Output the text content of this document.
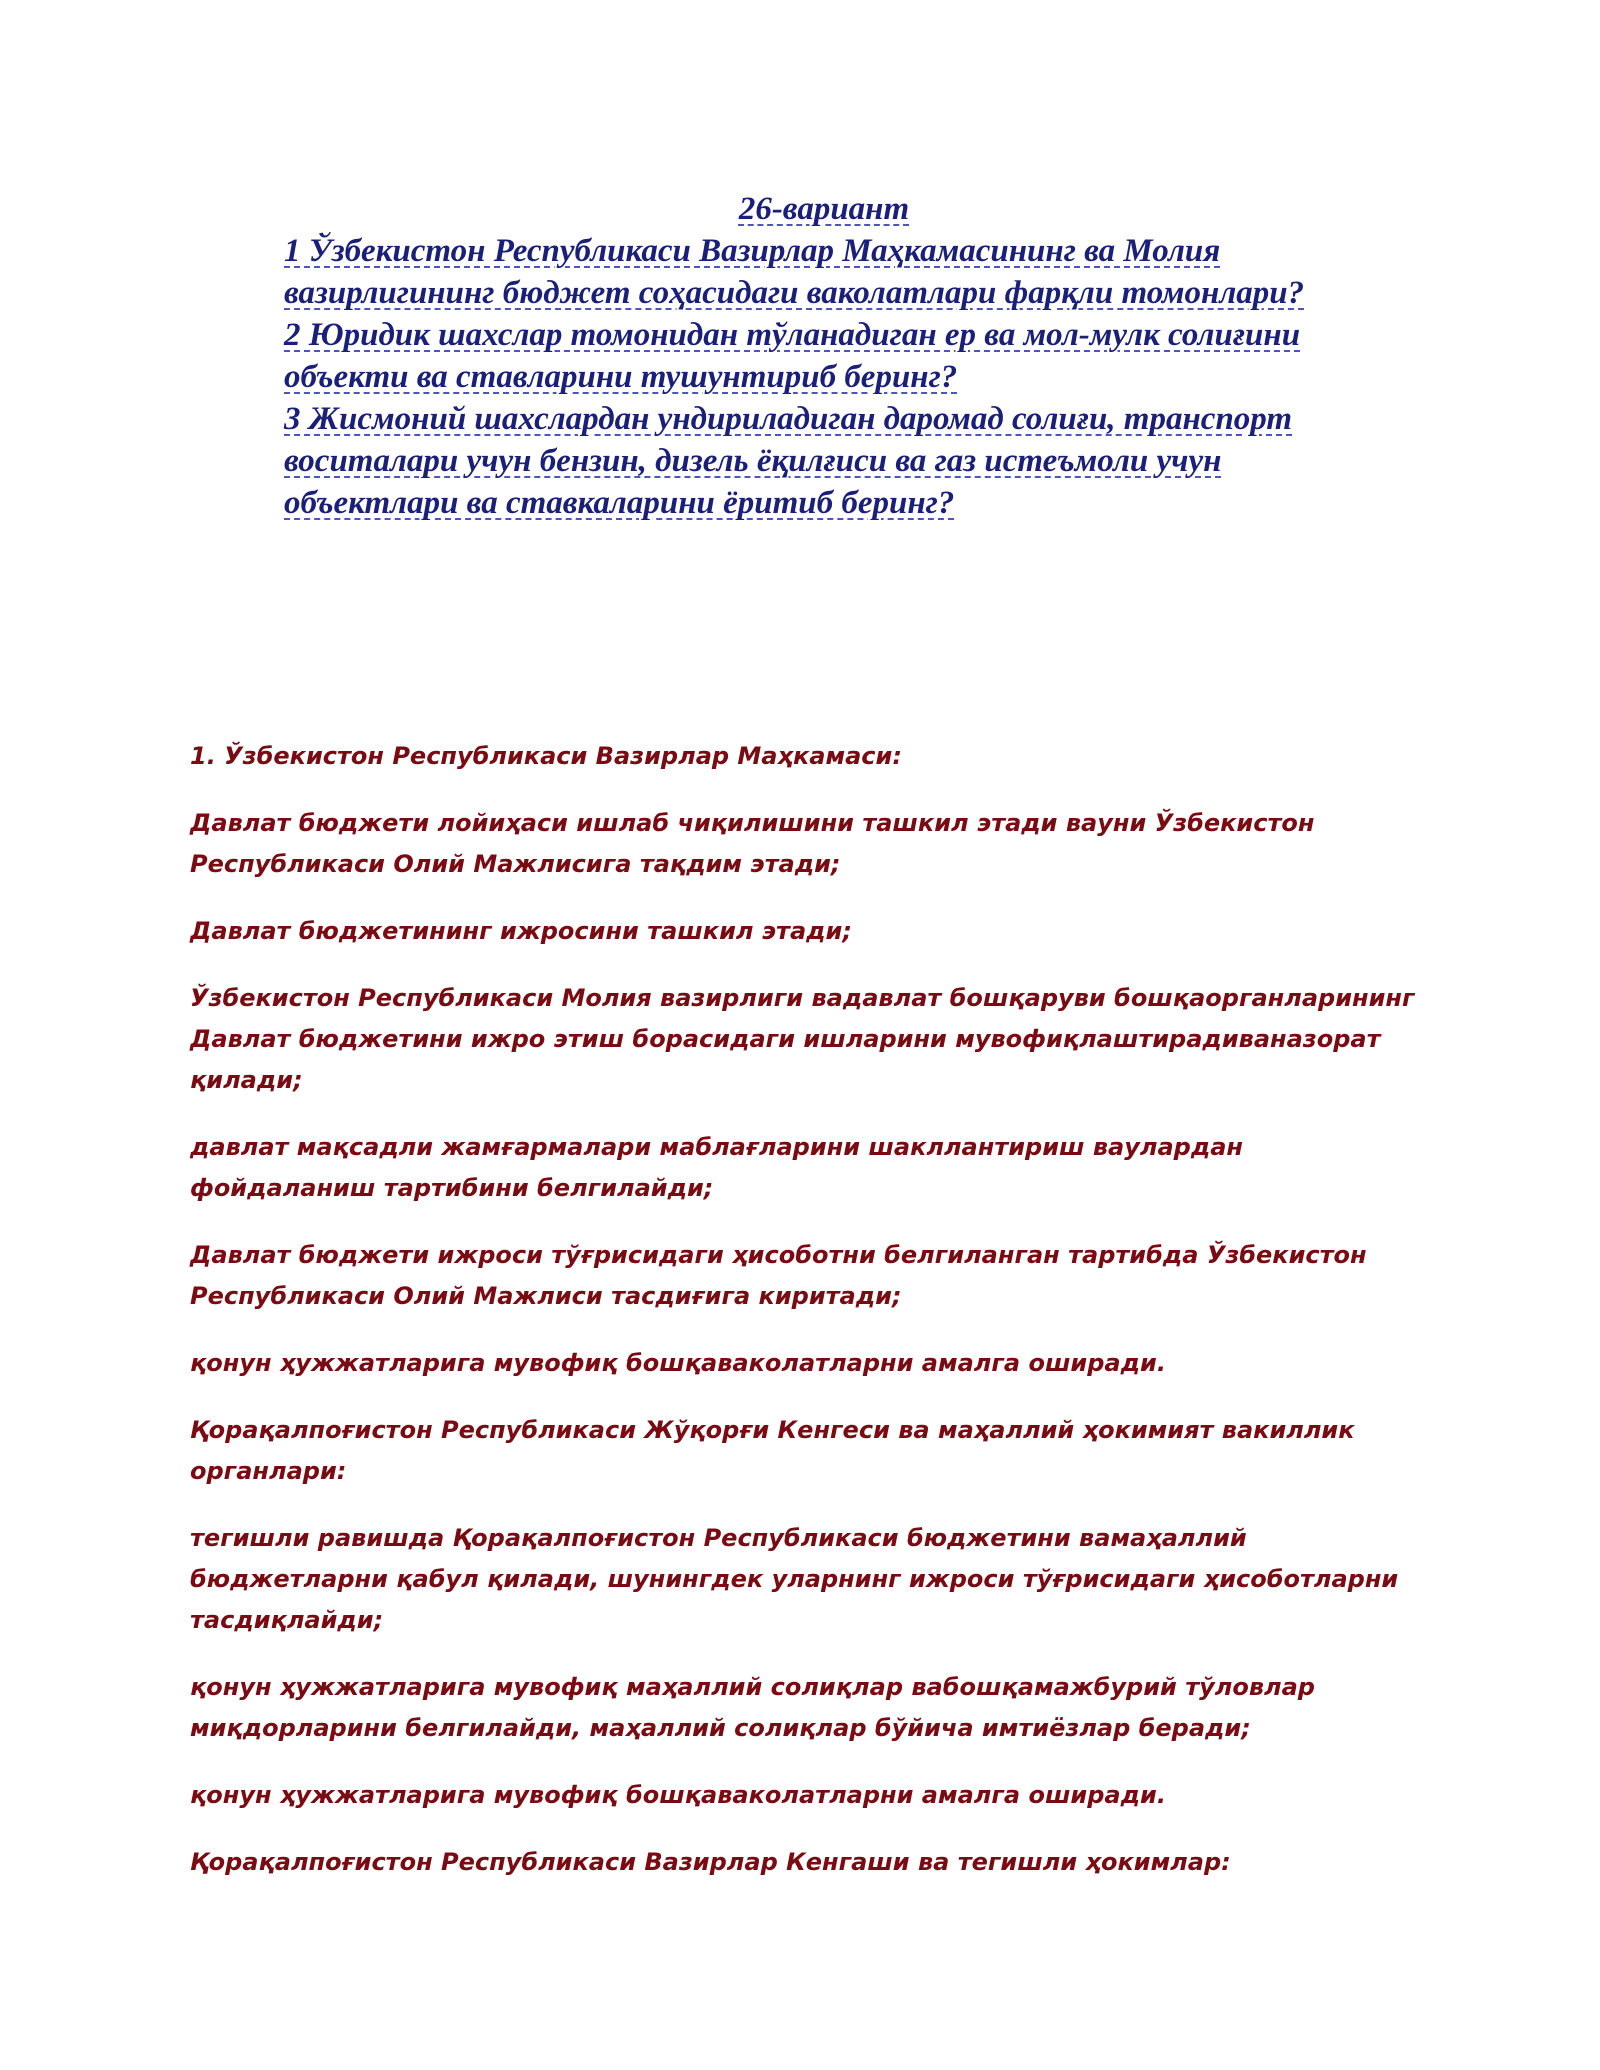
26-вариант
1 Ўзбекистон Республикаси Вазирлар Маҳкамасининг ва Молия вазирлигининг бюджет соҳасидаги ваколатлари фарқли томонлари?
2 Юридик шахслар томонидан тўланадиган ер ва мол-мулк солиғини объекти ва ставларини тушунтириб беринг?
3 Жисмоний шахслардан ундириладиган даромад солиғи, транспорт воситалари учун бензин, дизель ёқилғиси ва газ истеъмоли учун объектлари ва ставкаларини ёритиб беринг?

1. Ўзбекистон Республикаси Вазирлар Маҳкамаси:

Давлат бюджети лойиҳаси ишлаб чиқилишини ташкил этади вауни Ўзбекистон Республикаси Олий Мажлисига тақдим этади;

Давлат бюджетининг ижросини ташкил этади;

Ўзбекистон Республикаси Молия вазирлиги вадавлат бошқаруви бошқаорганларининг Давлат бюджетини ижро этиш борасидаги ишларини мувофиқлаштирадиваназорат қилади;

давлат мақсадли жамғармалари маблағларини шакллантириш вaулардан фойдаланиш тартибини белгилайди;

Давлат бюджети ижроси тўғрисидаги ҳисоботни белгиланган тартибда Ўзбекистон Республикаси Олий Мажлиси тасдиғига киритади;

қонун ҳужжатларига мувофиқ бошқаваколатларни амалга оширади.

Қорақалпоғистон Республикаси Жўқорғи Кенгеси ва маҳаллий ҳокимият вакиллик органлари:

тегишли равишда Қорақалпоғистон Республикаси бюджетини вамаҳаллий бюджетларни қабул қилади, шунингдек уларнинг ижроси тўғрисидаги ҳисоботларни тасдиқлайди;

қонун ҳужжатларига мувофиқ маҳаллий солиқлар вабошқамажбурий тўловлар миқдорларини белгилайди, маҳаллий солиқлар бўйича имтиёзлар беради;

қонун ҳужжатларига мувофиқ бошқаваколатларни амалга оширади.

Қорақалпоғистон Республикаси Вазирлар Кенгаши ва тегишли ҳокимлар:
